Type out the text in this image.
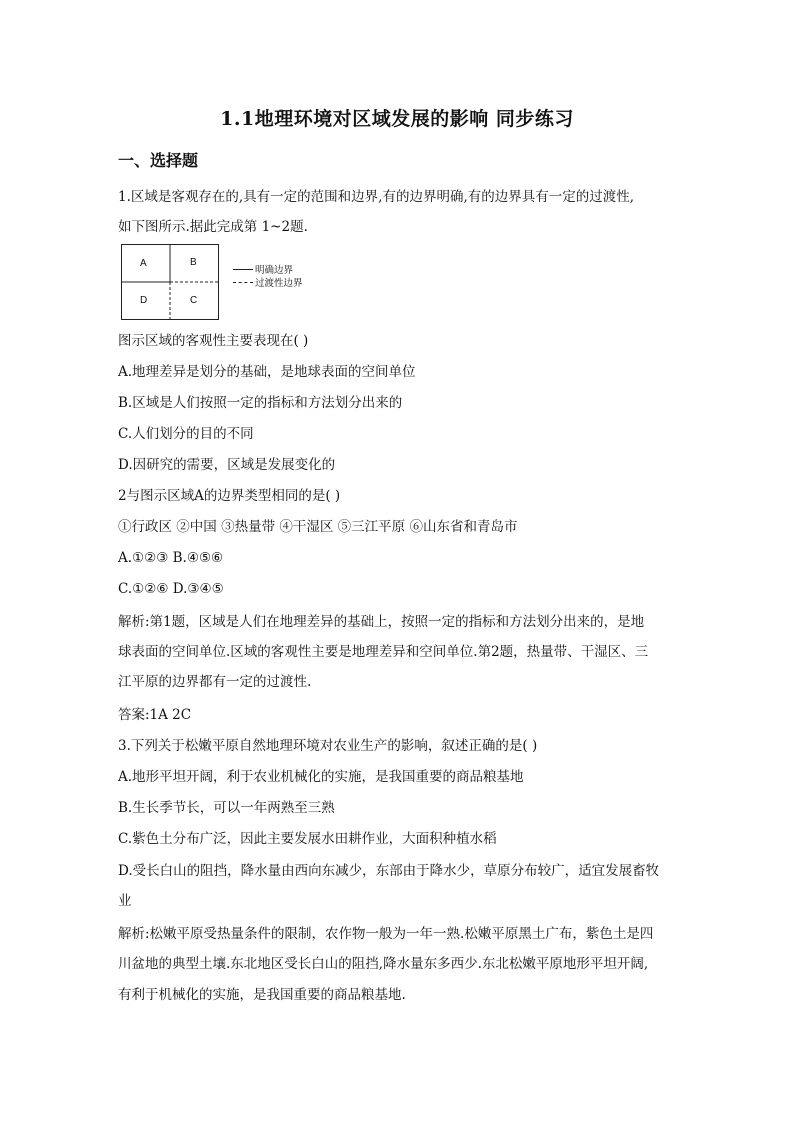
1.1地理环境对区域发展的影响 同步练习
一、选择题
1.区域是客观存在的,具有一定的范围和边界,有的边界明确,有的边界具有一定的过渡性,
如下图所示.据此完成第 1~2题.
A	B
D	C
明确边界
过渡性边界
图示区域的客观性主要表现在( )
A.地理差异是划分的基础，是地球表面的空间单位
B.区域是人们按照一定的指标和方法划分出来的
C.人们划分的目的不同
D.因研究的需要，区域是发展变化的
2与图示区域A的边界类型相同的是( )
①行政区 ②中国 ③热量带 ④干湿区 ⑤三江平原 ⑥山东省和青岛市
A.①②③ B.④⑤⑥
C.①②⑥ D.③④⑤
解析:第1题，区域是人们在地理差异的基础上，按照一定的指标和方法划分出来的，是地
球表面的空间单位.区域的客观性主要是地理差异和空间单位.第2题，热量带、干湿区、三
江平原的边界都有一定的过渡性.
答案:1A 2C
3.下列关于松嫩平原自然地理环境对农业生产的影响，叙述正确的是( )
A.地形平坦开阔，利于农业机械化的实施，是我国重要的商品粮基地
B.生长季节长，可以一年两熟至三熟
C.紫色土分布广泛，因此主要发展水田耕作业，大面积种植水稻
D.受长白山的阻挡，降水量由西向东减少，东部由于降水少，草原分布较广，适宜发展畜牧
业
解析:松嫩平原受热量条件的限制，农作物一般为一年一熟.松嫩平原黑土广布，紫色土是四
川盆地的典型土壤.东北地区受长白山的阻挡,降水量东多西少.东北松嫩平原地形平坦开阔,
有利于机械化的实施，是我国重要的商品粮基地.
